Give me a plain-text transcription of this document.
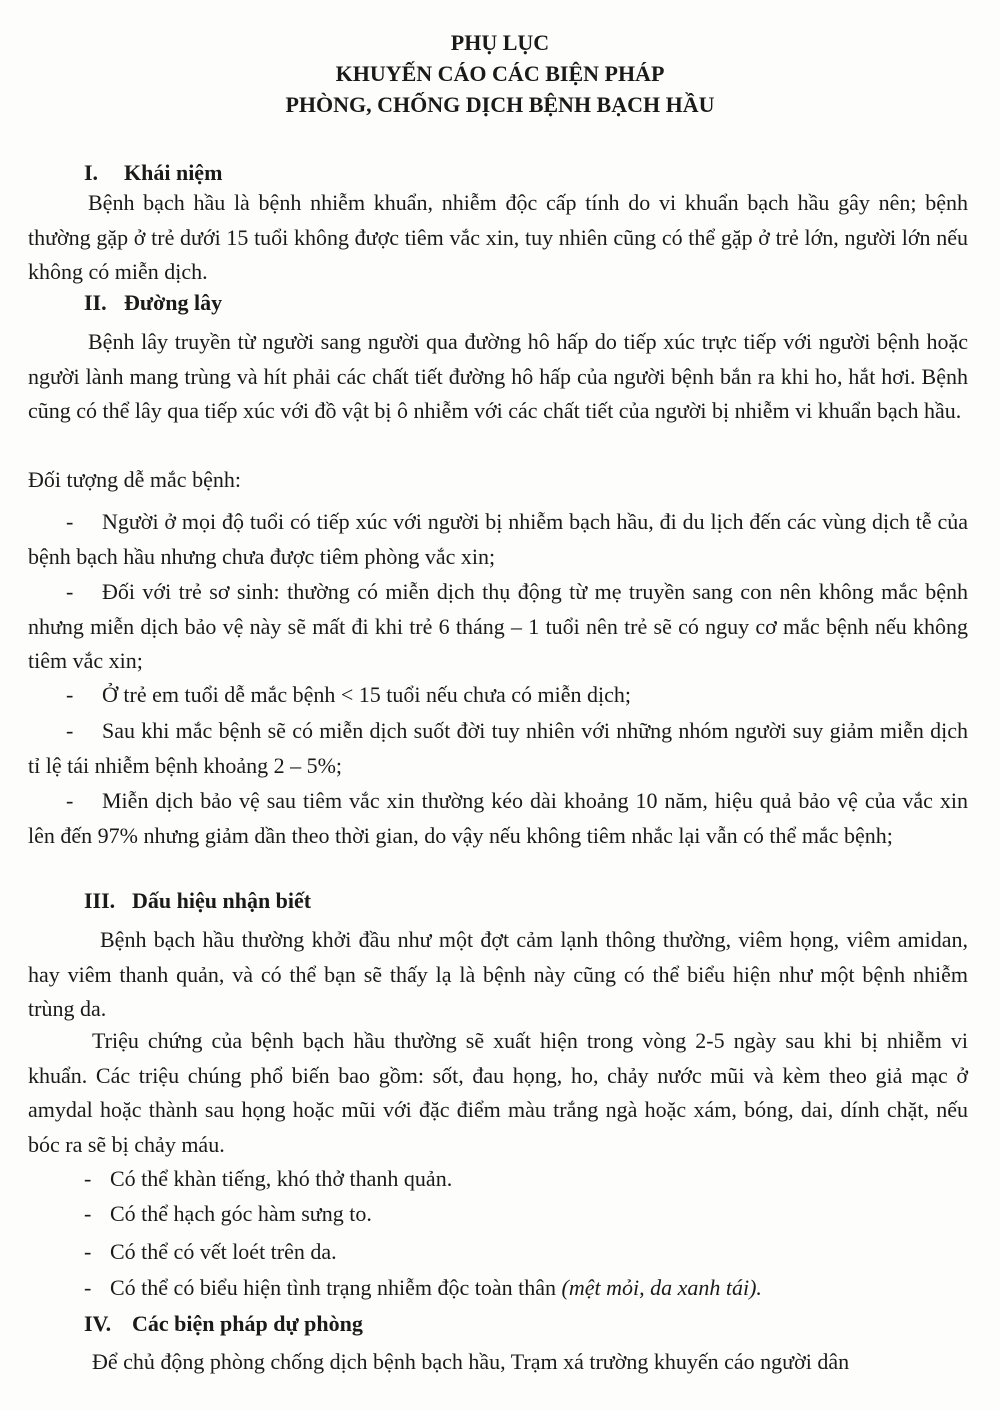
PHỤ LỤC
KHUYẾN CÁO CÁC BIỆN PHÁP
PHÒNG, CHỐNG DỊCH BỆNH BẠCH HẦU
I. Khái niệm

Bệnh bạch hầu là bệnh nhiễm khuẩn, nhiễm độc cấp tính do vi khuẩn bạch hầu gây nên; bệnh thường gặp ở trẻ dưới 15 tuổi không được tiêm vắc xin, tuy nhiên cũng có thể gặp ở trẻ lớn, người lớn nếu không có miễn dịch.

II. Đường lây

Bệnh lây truyền từ người sang người qua đường hô hấp do tiếp xúc trực tiếp với người bệnh hoặc người lành mang trùng và hít phải các chất tiết đường hô hấp của người bệnh bắn ra khi ho, hắt hơi. Bệnh cũng có thể lây qua tiếp xúc với đồ vật bị ô nhiễm với các chất tiết của người bị nhiễm vi khuẩn bạch hầu.

Đối tượng dễ mắc bệnh:

- Người ở mọi độ tuổi có tiếp xúc với người bị nhiễm bạch hầu, đi du lịch đến các vùng dịch tễ của bệnh bạch hầu nhưng chưa được tiêm phòng vắc xin;

- Đối với trẻ sơ sinh: thường có miễn dịch thụ động từ mẹ truyền sang con nên không mắc bệnh nhưng miễn dịch bảo vệ này sẽ mất đi khi trẻ 6 tháng – 1 tuổi nên trẻ sẽ có nguy cơ mắc bệnh nếu không tiêm vắc xin;

- Ở trẻ em tuổi dễ mắc bệnh < 15 tuổi nếu chưa có miễn dịch;

- Sau khi mắc bệnh sẽ có miễn dịch suốt đời tuy nhiên với những nhóm người suy giảm miễn dịch tỉ lệ tái nhiễm bệnh khoảng 2 – 5%;

- Miễn dịch bảo vệ sau tiêm vắc xin thường kéo dài khoảng 10 năm, hiệu quả bảo vệ của vắc xin lên đến 97% nhưng giảm dần theo thời gian, do vậy nếu không tiêm nhắc lại vẫn có thể mắc bệnh;

III. Dấu hiệu nhận biết

Bệnh bạch hầu thường khởi đầu như một đợt cảm lạnh thông thường, viêm họng, viêm amidan, hay viêm thanh quản, và có thể bạn sẽ thấy lạ là bệnh này cũng có thể biểu hiện như một bệnh nhiễm trùng da.

Triệu chứng của bệnh bạch hầu thường sẽ xuất hiện trong vòng 2-5 ngày sau khi bị nhiễm vi khuẩn. Các triệu chúng phổ biến bao gồm: sốt, đau họng, ho, chảy nước mũi và kèm theo giả mạc ở amydal hoặc thành sau họng hoặc mũi với đặc điểm màu trắng ngà hoặc xám, bóng, dai, dính chặt, nếu bóc ra sẽ bị chảy máu.

- Có thể khàn tiếng, khó thở thanh quản.
- Có thể hạch góc hàm sưng to.
- Có thể có vết loét trên da.
- Có thể có biểu hiện tình trạng nhiễm độc toàn thân (mệt mỏi, da xanh tái).
IV. Các biện pháp dự phòng

Để chủ động phòng chống dịch bệnh bạch hầu, Trạm xá trường khuyến cáo người dân
